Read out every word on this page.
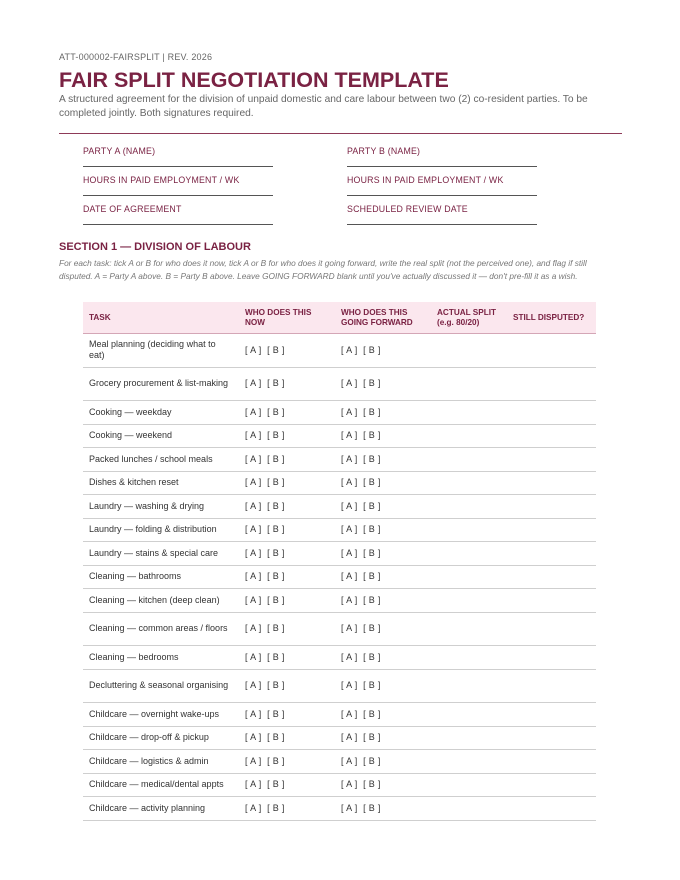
ATT-000002-FAIRSPLIT | REV. 2026
FAIR SPLIT NEGOTIATION TEMPLATE

A structured agreement for the division of unpaid domestic and care labour between two (2) co-resident parties. To be completed jointly. Both signatures required.

PARTY A (NAME)
HOURS IN PAID EMPLOYMENT / WK
DATE OF AGREEMENT
PARTY B (NAME)
HOURS IN PAID EMPLOYMENT / WK
SCHEDULED REVIEW DATE
SECTION 1 — DIVISION OF LABOUR

For each task: tick A or B for who does it now, tick A or B for who does it going forward, write the real split (not the perceived one), and flag if still disputed. A = Party A above. B = Party B above. Leave GOING FORWARD blank until you've actually discussed it — don't pre-fill it as a wish.

TASK	WHO DOES THIS NOW	WHO DOES THIS GOING FORWARD	ACTUAL SPLIT (e.g. 80/20)	STILL DISPUTED?
Meal planning (deciding what to eat)	[ A ]  [ B ]	[ A ]  [ B ]		
Grocery procurement & list-making	[ A ]  [ B ]	[ A ]  [ B ]		
Cooking — weekday	[ A ]  [ B ]	[ A ]  [ B ]		
Cooking — weekend	[ A ]  [ B ]	[ A ]  [ B ]		
Packed lunches / school meals	[ A ]  [ B ]	[ A ]  [ B ]		
Dishes & kitchen reset	[ A ]  [ B ]	[ A ]  [ B ]		
Laundry — washing & drying	[ A ]  [ B ]	[ A ]  [ B ]		
Laundry — folding & distribution	[ A ]  [ B ]	[ A ]  [ B ]		
Laundry — stains & special care	[ A ]  [ B ]	[ A ]  [ B ]		
Cleaning — bathrooms	[ A ]  [ B ]	[ A ]  [ B ]		
Cleaning — kitchen (deep clean)	[ A ]  [ B ]	[ A ]  [ B ]		
Cleaning — common areas / floors	[ A ]  [ B ]	[ A ]  [ B ]		
Cleaning — bedrooms	[ A ]  [ B ]	[ A ]  [ B ]		
Decluttering & seasonal organising	[ A ]  [ B ]	[ A ]  [ B ]		
Childcare — overnight wake-ups	[ A ]  [ B ]	[ A ]  [ B ]		
Childcare — drop-off & pickup	[ A ]  [ B ]	[ A ]  [ B ]		
Childcare — logistics & admin	[ A ]  [ B ]	[ A ]  [ B ]		
Childcare — medical/dental appts	[ A ]  [ B ]	[ A ]  [ B ]		
Childcare — activity planning	[ A ]  [ B ]	[ A ]  [ B ]		
